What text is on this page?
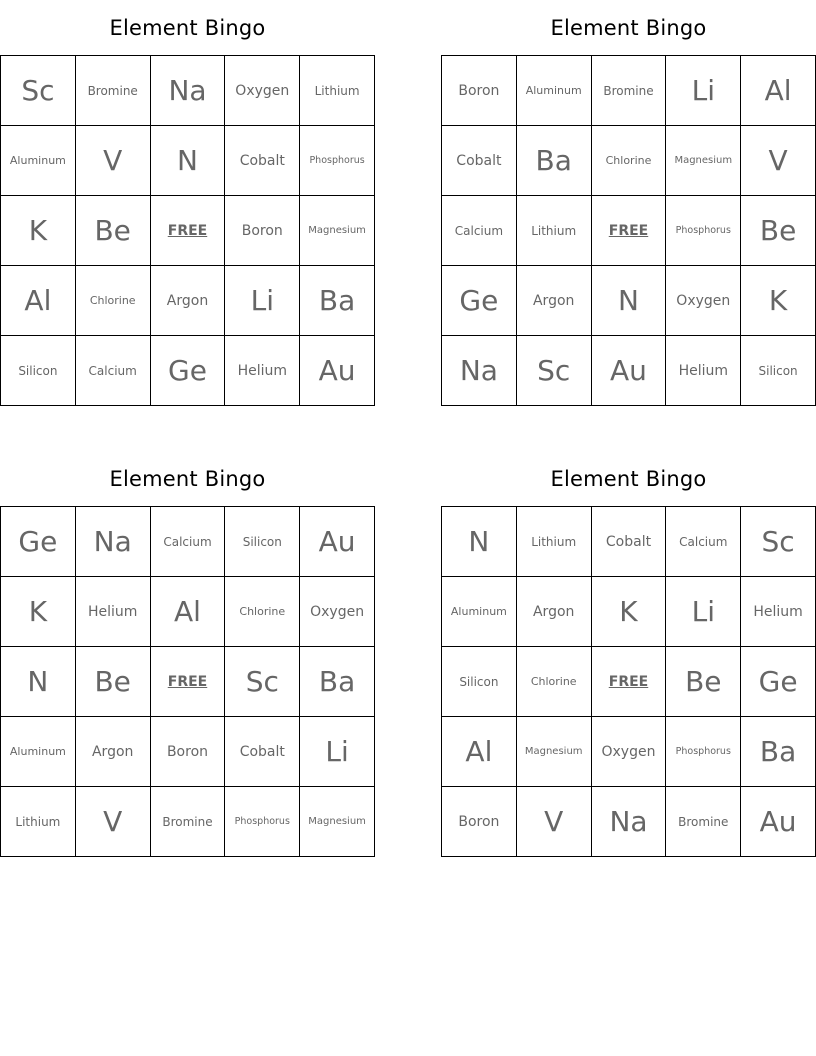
Element Bingo
Sc	Bromine	Na	Oxygen	Lithium
Aluminum	V	N	Cobalt	Phosphorus
K	Be	FREE	Boron	Magnesium
Al	Chlorine	Argon	Li	Ba
Silicon	Calcium	Ge	Helium	Au
Element Bingo
Boron	Aluminum	Bromine	Li	Al
Cobalt	Ba	Chlorine	Magnesium	V
Calcium	Lithium	FREE	Phosphorus	Be
Ge	Argon	N	Oxygen	K
Na	Sc	Au	Helium	Silicon
Element Bingo
Ge	Na	Calcium	Silicon	Au
K	Helium	Al	Chlorine	Oxygen
N	Be	FREE	Sc	Ba
Aluminum	Argon	Boron	Cobalt	Li
Lithium	V	Bromine	Phosphorus	Magnesium
Element Bingo
N	Lithium	Cobalt	Calcium	Sc
Aluminum	Argon	K	Li	Helium
Silicon	Chlorine	FREE	Be	Ge
Al	Magnesium	Oxygen	Phosphorus	Ba
Boron	V	Na	Bromine	Au
